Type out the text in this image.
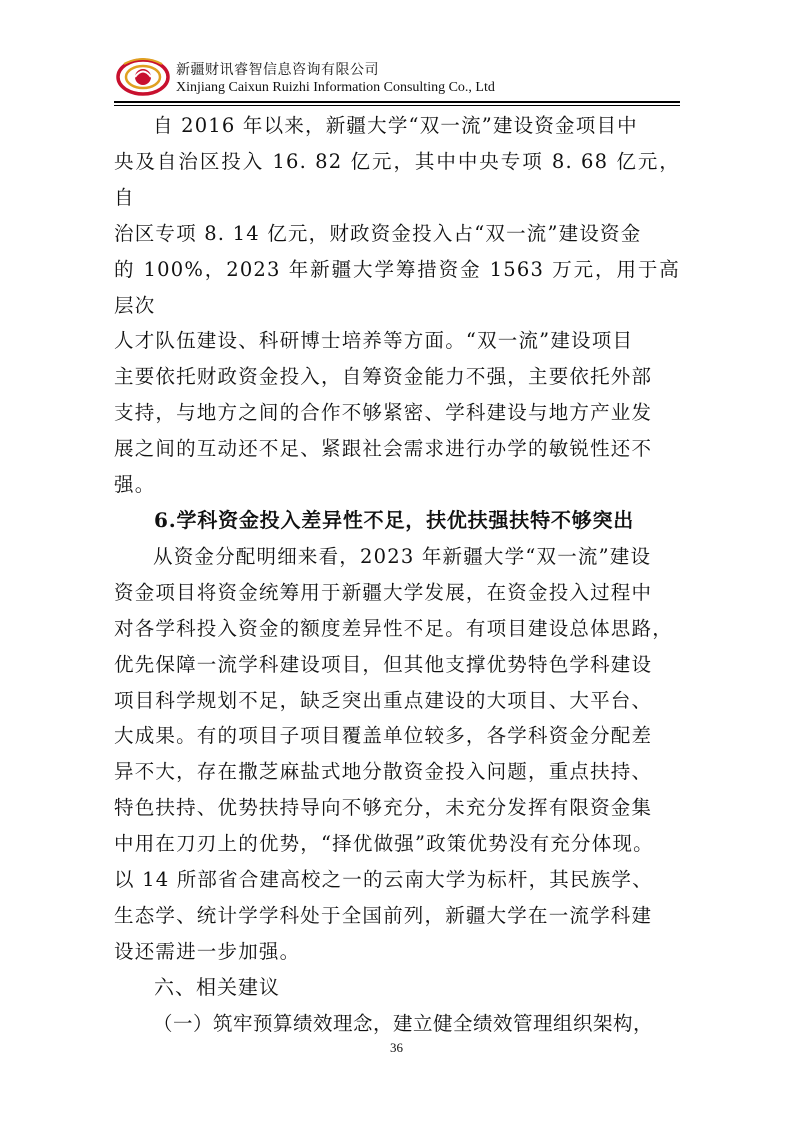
新疆财讯睿智信息咨询有限公司
Xinjiang Caixun Ruizhi Information Consulting Co., Ltd

自 2016 年以来，新疆大学“双一流”建设资金项目中
央及自治区投入 16. 82 亿元，其中中央专项 8. 68 亿元，自
治区专项 8. 14 亿元，财政资金投入占“双一流”建设资金
的 100%，2023 年新疆大学筹措资金 1563 万元，用于高层次
人才队伍建设、科研博士培养等方面。“双一流”建设项目
主要依托财政资金投入，自筹资金能力不强，主要依托外部
支持，与地方之间的合作不够紧密、学科建设与地方产业发
展之间的互动还不足、紧跟社会需求进行办学的敏锐性还不
强。

6.学科资金投入差异性不足，扶优扶强扶特不够突出

从资金分配明细来看，2023 年新疆大学“双一流”建设
资金项目将资金统筹用于新疆大学发展，在资金投入过程中
对各学科投入资金的额度差异性不足。有项目建设总体思路，
优先保障一流学科建设项目，但其他支撑优势特色学科建设
项目科学规划不足，缺乏突出重点建设的大项目、大平台、
大成果。有的项目子项目覆盖单位较多，各学科资金分配差
异不大，存在撒芝麻盐式地分散资金投入问题，重点扶持、
特色扶持、优势扶持导向不够充分，未充分发挥有限资金集
中用在刀刃上的优势，“择优做强”政策优势没有充分体现。
以 14 所部省合建高校之一的云南大学为标杆，其民族学、
生态学、统计学学科处于全国前列，新疆大学在一流学科建
设还需进一步加强。

六、相关建议

（一）筑牢预算绩效理念，建立健全绩效管理组织架构，

36
